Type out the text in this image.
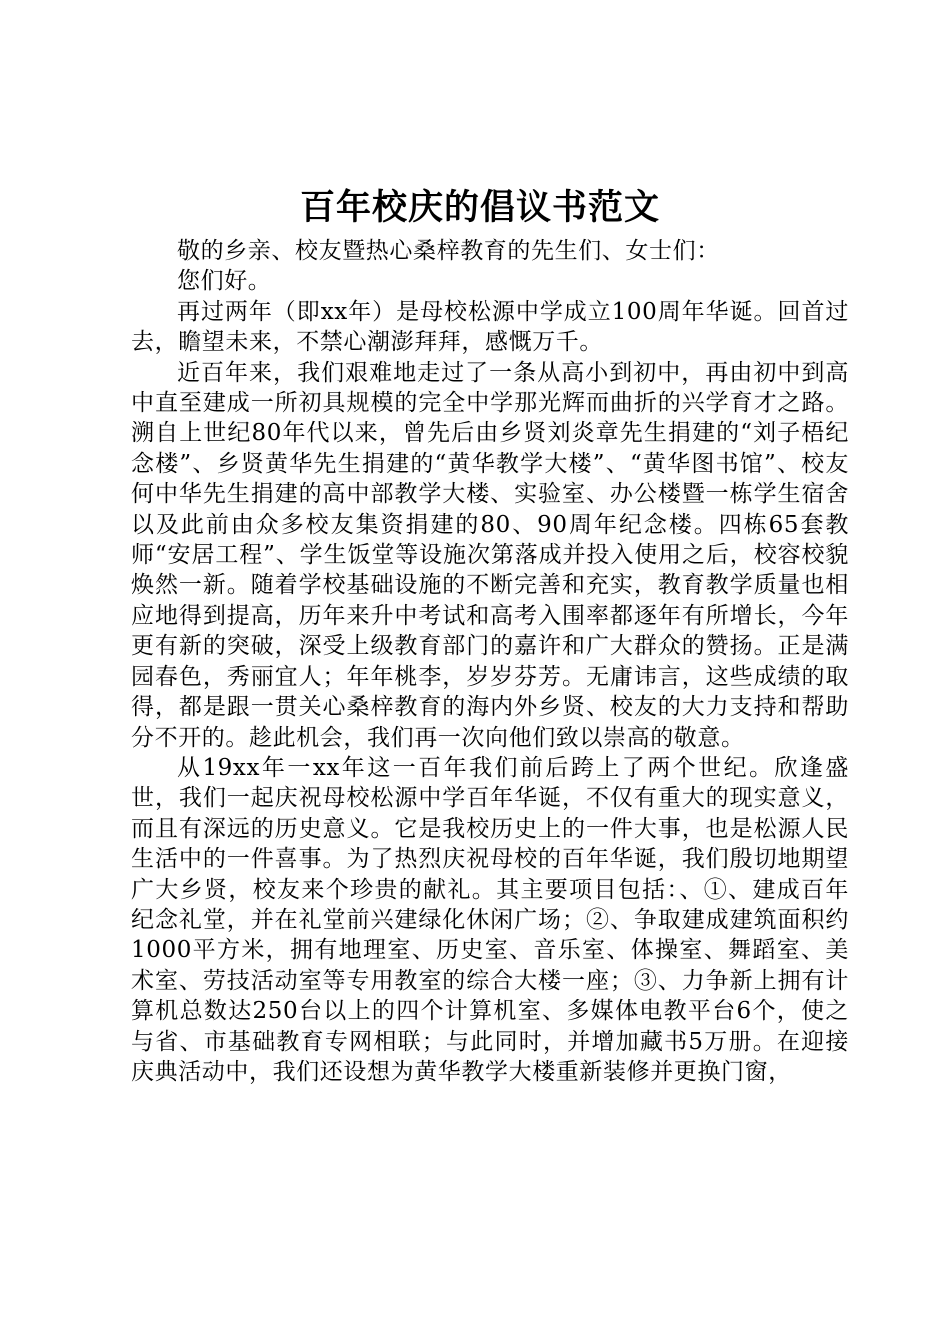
百年校庆的倡议书范文

敬的乡亲、校友暨热心桑梓教育的先生们、女士们：

您们好。

再过两年（即xx年）是母校松源中学成立100周年华诞。回首过去，瞻望未来，不禁心潮澎拜拜，感慨万千。

近百年来，我们艰难地走过了一条从高小到初中，再由初中到高中直至建成一所初具规模的完全中学那光辉而曲折的兴学育才之路。溯自上世纪80年代以来，曾先后由乡贤刘炎章先生捐建的“刘子梧纪念楼”、乡贤黄华先生捐建的“黄华教学大楼”、“黄华图书馆”、校友何中华先生捐建的高中部教学大楼、实验室、办公楼暨一栋学生宿舍以及此前由众多校友集资捐建的80、90周年纪念楼。四栋65套教师“安居工程”、学生饭堂等设施次第落成并投入使用之后，校容校貌焕然一新。随着学校基础设施的不断完善和充实，教育教学质量也相应地得到提高，历年来升中考试和高考入围率都逐年有所增长，今年更有新的突破，深受上级教育部门的嘉许和广大群众的赞扬。正是满园春色，秀丽宜人；年年桃李，岁岁芬芳。无庸讳言，这些成绩的取得，都是跟一贯关心桑梓教育的海内外乡贤、校友的大力支持和帮助分不开的。趁此机会，我们再一次向他们致以崇高的敬意。

从19xx年一xx年这一百年我们前后跨上了两个世纪。欣逢盛世，我们一起庆祝母校松源中学百年华诞，不仅有重大的现实意义，而且有深远的历史意义。它是我校历史上的一件大事，也是松源人民生活中的一件喜事。为了热烈庆祝母校的百年华诞，我们殷切地期望广大乡贤，校友来个珍贵的献礼。其主要项目包括：、①、建成百年纪念礼堂，并在礼堂前兴建绿化休闲广场；②、争取建成建筑面积约1000平方米，拥有地理室、历史室、音乐室、体操室、舞蹈室、美术室、劳技活动室等专用教室的综合大楼一座；③、力争新上拥有计算机总数达250台以上的四个计算机室、多媒体电教平台6个，使之与省、市基础教育专网相联；与此同时，并增加藏书5万册。在迎接庆典活动中，我们还设想为黄华教学大楼重新装修并更换门窗，
